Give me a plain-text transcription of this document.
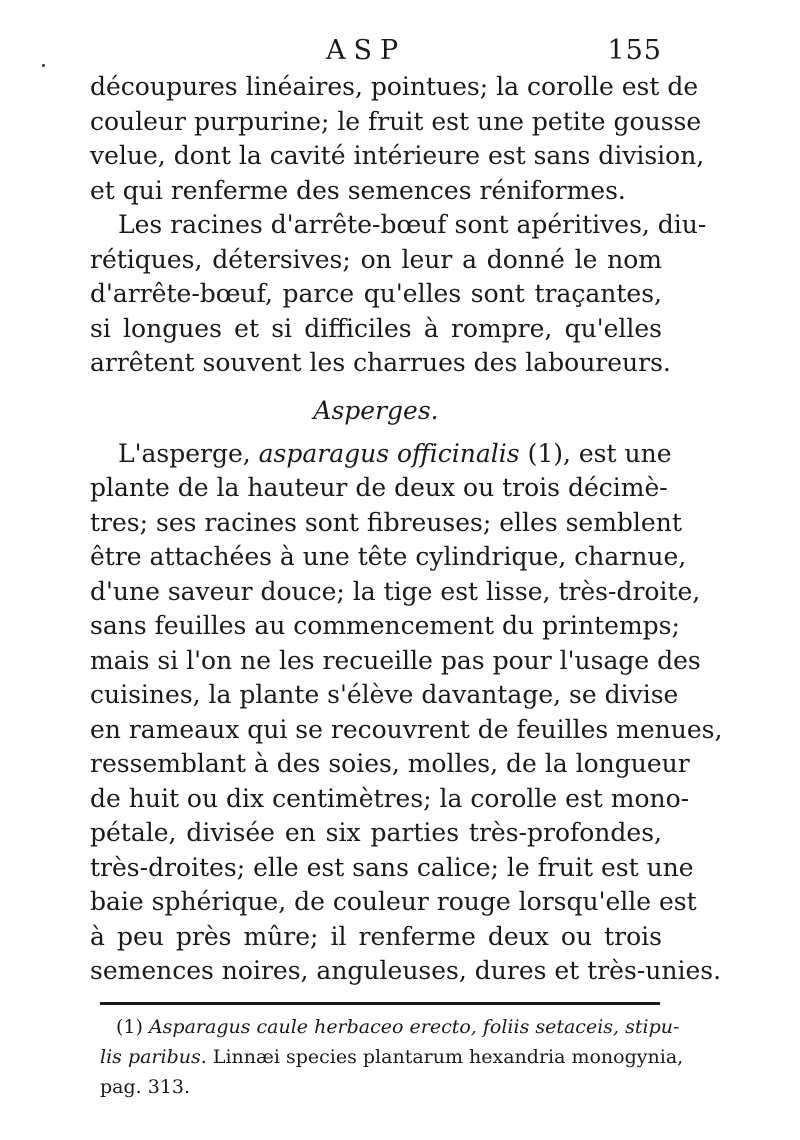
ASP	155
découpures linéaires, pointues; la corolle est de
couleur purpurine; le fruit est une petite gousse
velue, dont la cavité intérieure est sans division,
et qui renferme des semences réniformes.
Les racines d'arrête-bœuf sont apéritives, diu-
rétiques, détersives; on leur a donné le nom
d'arrête-bœuf, parce qu'elles sont traçantes,
si longues et si difficiles à rompre, qu'elles
arrêtent souvent les charrues des laboureurs.
Asperges.
L'asperge, asparagus officinalis (1), est une
plante de la hauteur de deux ou trois décimè-
tres; ses racines sont fibreuses; elles semblent
être attachées à une tête cylindrique, charnue,
d'une saveur douce; la tige est lisse, très-droite,
sans feuilles au commencement du printemps;
mais si l'on ne les recueille pas pour l'usage des
cuisines, la plante s'élève davantage, se divise
en rameaux qui se recouvrent de feuilles menues,
ressemblant à des soies, molles, de la longueur
de huit ou dix centimètres; la corolle est mono-
pétale, divisée en six parties très-profondes,
très-droites; elle est sans calice; le fruit est une
baie sphérique, de couleur rouge lorsqu'elle est
à peu près mûre; il renferme deux ou trois
semences noires, anguleuses, dures et très-unies.
(1) Asparagus caule herbaceo erecto, foliis setaceis, stipu-
lis paribus. Linnæi species plantarum hexandria monogynia,
pag. 313.
